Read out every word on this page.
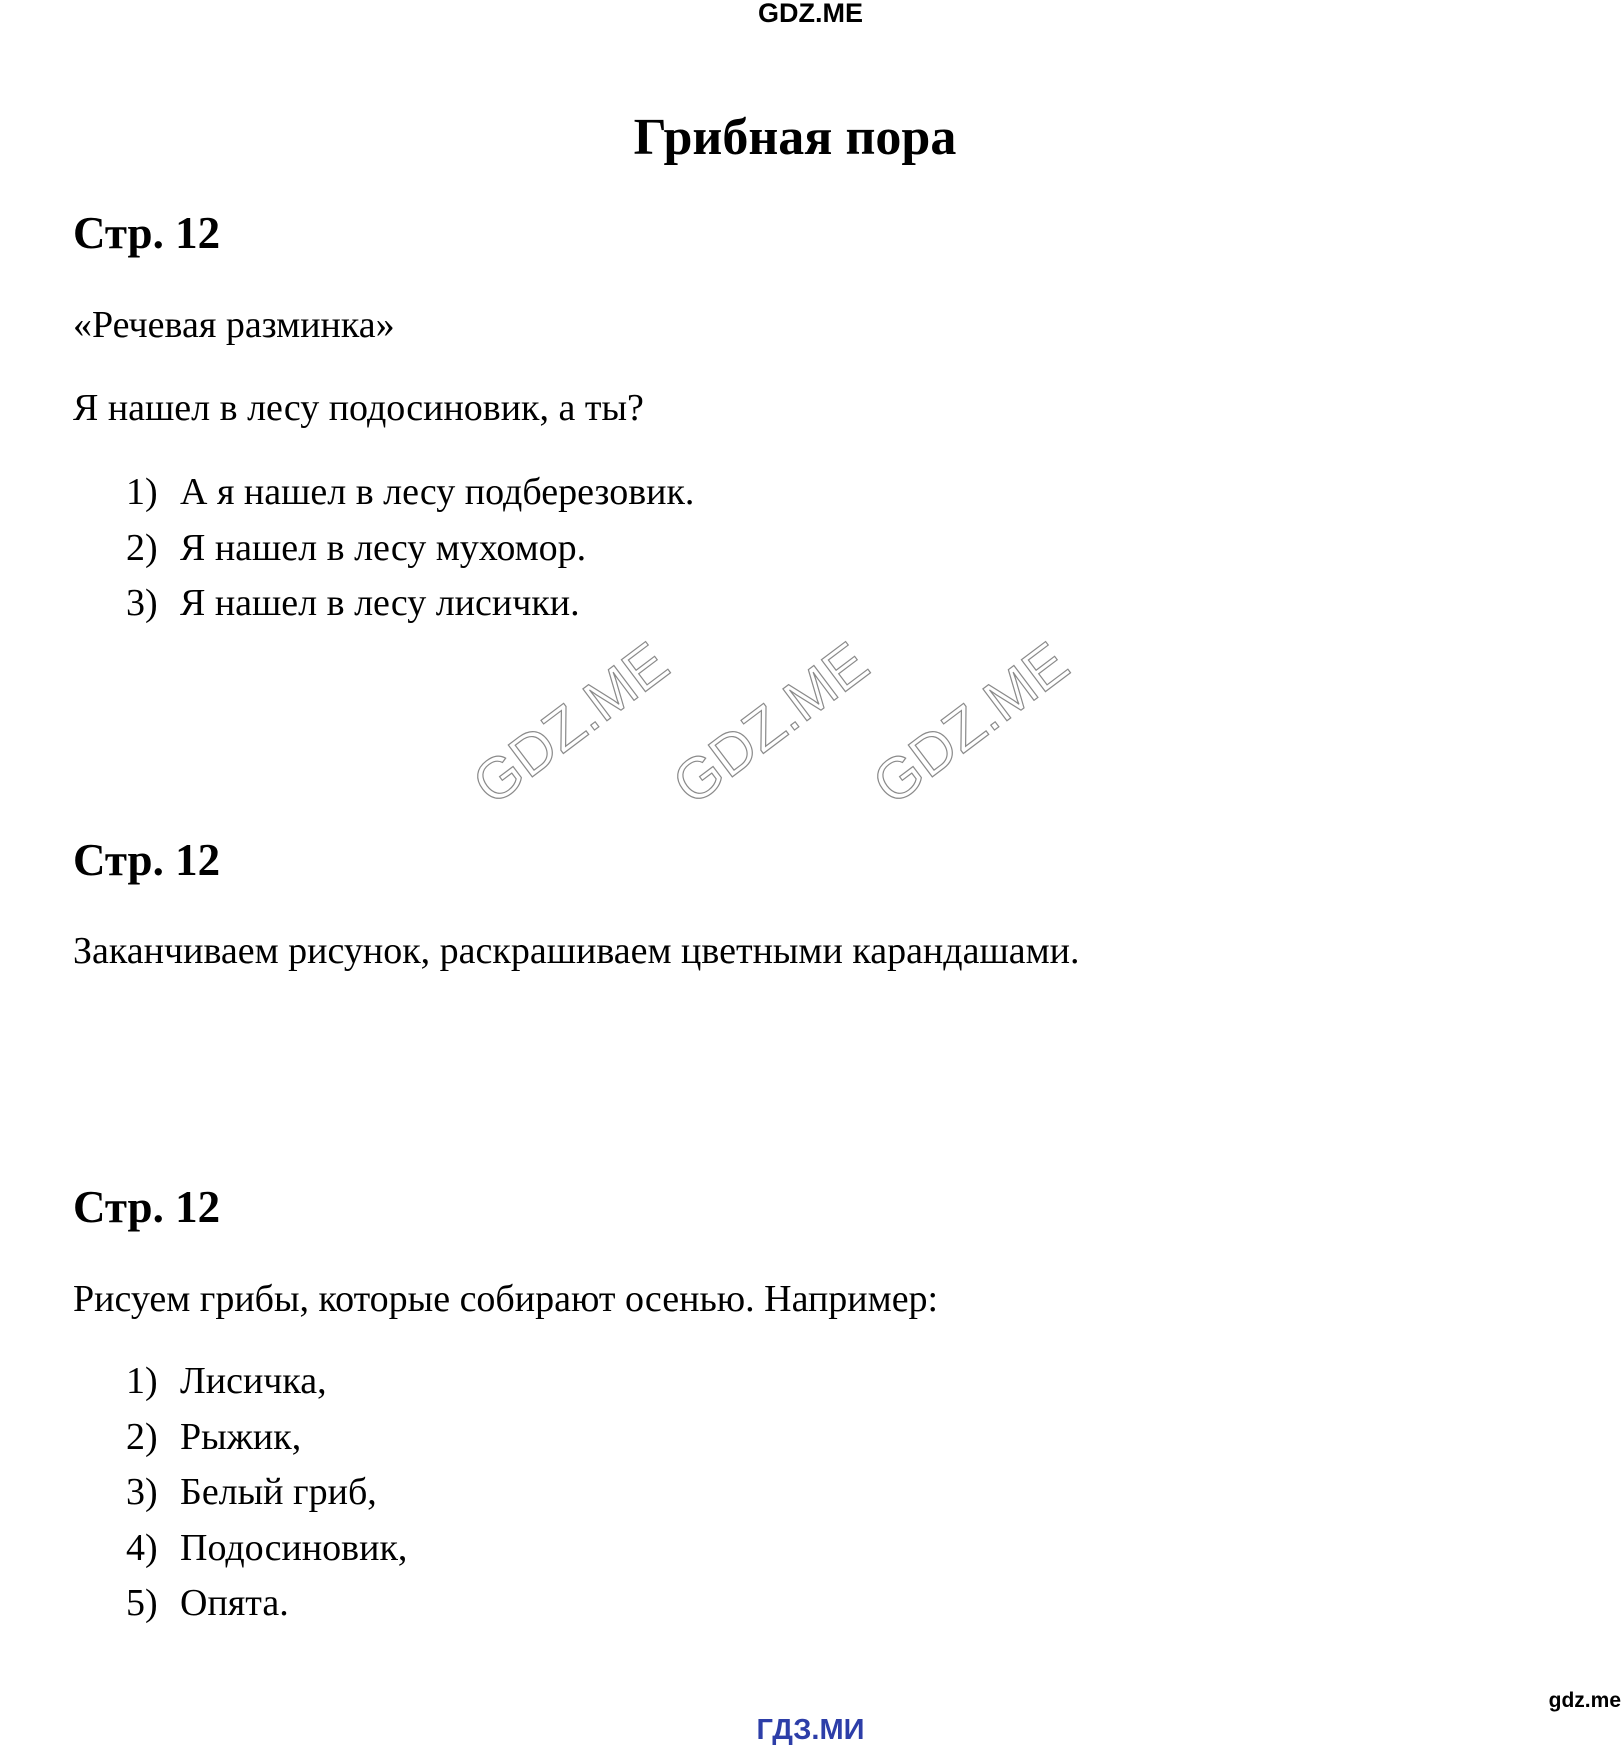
GDZ.ME
Грибная пора
Стр. 12

«Речевая разминка»

Я нашел в лесу подосиновик, а ты?

1) А я нашел в лесу подберезовик.
2) Я нашел в лесу мухомор.
3) Я нашел в лесу лисички.
GDZ.ME
GDZ.ME
GDZ.ME
Стр. 12

Заканчиваем рисунок, раскрашиваем цветными карандашами.

Стр. 12

Рисуем грибы, которые собирают осенью. Например:

1) Лисичка,
2) Рыжик,
3) Белый гриб,
4) Подосиновик,
5) Опята.
gdz.me
ГДЗ.МИ
